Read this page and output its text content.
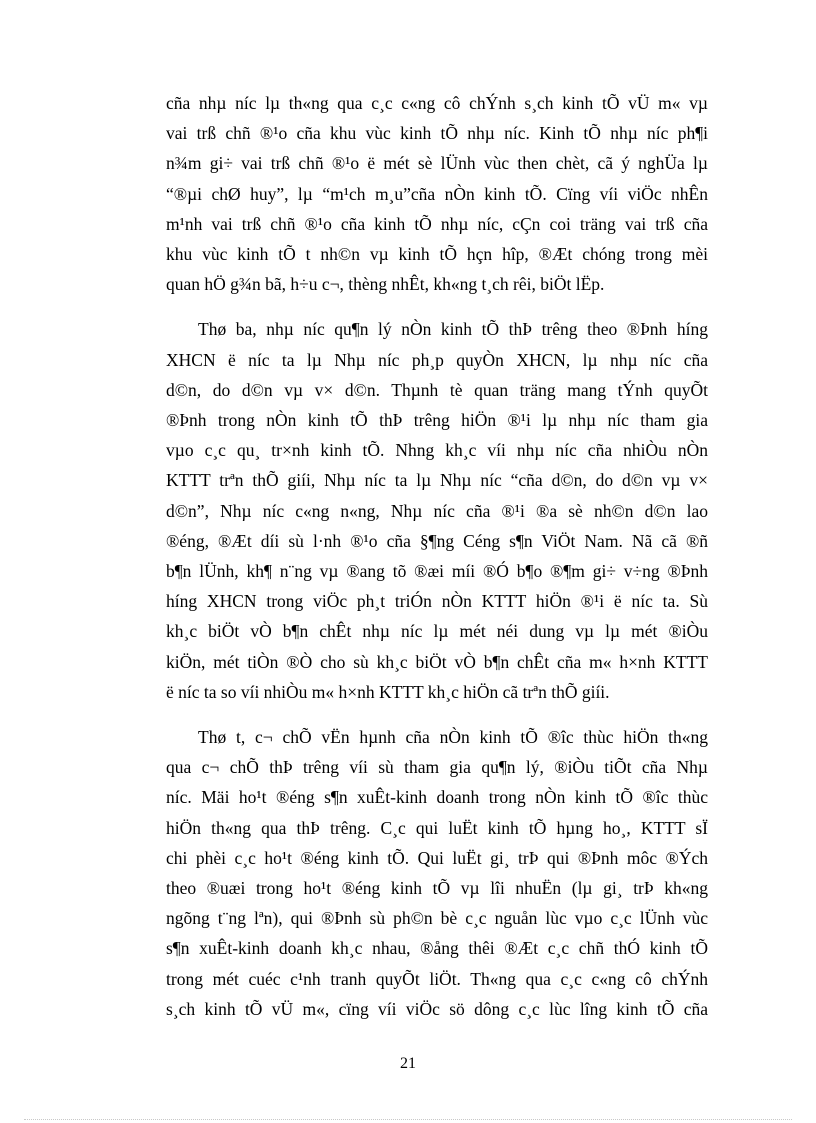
cña nhµ níc lµ th«ng qua c¸c c«ng cô chÝnh s¸ch kinh tÕ vÜ m« vµ
vai trß chñ ®¹o cña khu vùc kinh tÕ nhµ níc. Kinh tÕ nhµ níc ph¶i
n¾m gi÷ vai trß chñ ®¹o ë mét sè lÜnh vùc then chèt, cã ý nghÜa lµ
“®µi chØ huy”, lµ “m¹ch m¸u”cña nÒn kinh tÕ. Cïng víi viÖc nhÊn
m¹nh vai trß chñ ®¹o cña kinh tÕ nhµ níc, cÇn coi träng vai trß cña
khu vùc kinh tÕ t nh©n vµ kinh tÕ hçn hîp, ®Æt chóng trong mèi
quan hÖ g¾n bã, h÷u c¬, thèng nhÊt, kh«ng t¸ch rêi, biÖt lËp.

Thø ba, nhµ níc qu¶n lý nÒn kinh tÕ thÞ trêng theo ®Þnh híng
XHCN ë níc ta lµ Nhµ níc ph¸p quyÒn XHCN, lµ nhµ níc cña
d©n, do d©n vµ v× d©n. Thµnh tè quan träng mang tÝnh quyÕt
®Þnh trong nÒn kinh tÕ thÞ trêng hiÖn ®¹i lµ nhµ níc tham gia
vµo c¸c qu¸ tr×nh kinh tÕ. Nhng kh¸c víi nhµ níc cña nhiÒu nÒn
KTTT trªn thÕ giíi, Nhµ níc ta lµ Nhµ níc “cña d©n, do d©n vµ v×
d©n”, Nhµ níc c«ng n«ng, Nhµ níc cña ®¹i ®a sè nh©n d©n lao
®éng, ®Æt díi sù l·nh ®¹o cña §¶ng Céng s¶n ViÖt Nam. Nã cã ®ñ
b¶n lÜnh, kh¶ n¨ng vµ ®ang tõ ®æi míi ®Ó b¶o ®¶m gi÷ v÷ng ®Þnh
híng XHCN trong viÖc ph¸t triÓn nÒn KTTT hiÖn ®¹i ë níc ta. Sù
kh¸c biÖt vÒ b¶n chÊt nhµ níc lµ mét néi dung vµ lµ mét ®iÒu
kiÖn, mét tiÒn ®Ò cho sù kh¸c biÖt vÒ b¶n chÊt cña m« h×nh KTTT
ë níc ta so víi nhiÒu m« h×nh KTTT kh¸c hiÖn cã trªn thÕ giíi.

Thø t, c¬ chÕ vËn hµnh cña nÒn kinh tÕ ®îc thùc hiÖn th«ng
qua c¬ chÕ thÞ trêng víi sù tham gia qu¶n lý, ®iÒu tiÕt cña Nhµ
níc. Mäi ho¹t ®éng s¶n xuÊt-kinh doanh trong nÒn kinh tÕ ®îc thùc
hiÖn th«ng qua thÞ trêng. C¸c qui luËt kinh tÕ hµng ho¸, KTTT sÏ
chi phèi c¸c ho¹t ®éng kinh tÕ. Qui luËt gi¸ trÞ qui ®Þnh môc ®Ých
theo ®uæi trong ho¹t ®éng kinh tÕ vµ lîi nhuËn (lµ gi¸ trÞ kh«ng
ngõng t¨ng lªn), qui ®Þnh sù ph©n bè c¸c nguån lùc vµo c¸c lÜnh vùc
s¶n xuÊt-kinh doanh kh¸c nhau, ®ång thêi ®Æt c¸c chñ thÓ kinh tÕ
trong mét cuéc c¹nh tranh quyÕt liÖt. Th«ng qua c¸c c«ng cô chÝnh
s¸ch kinh tÕ vÜ m«, cïng víi viÖc sö dông c¸c lùc lîng kinh tÕ cña

21
